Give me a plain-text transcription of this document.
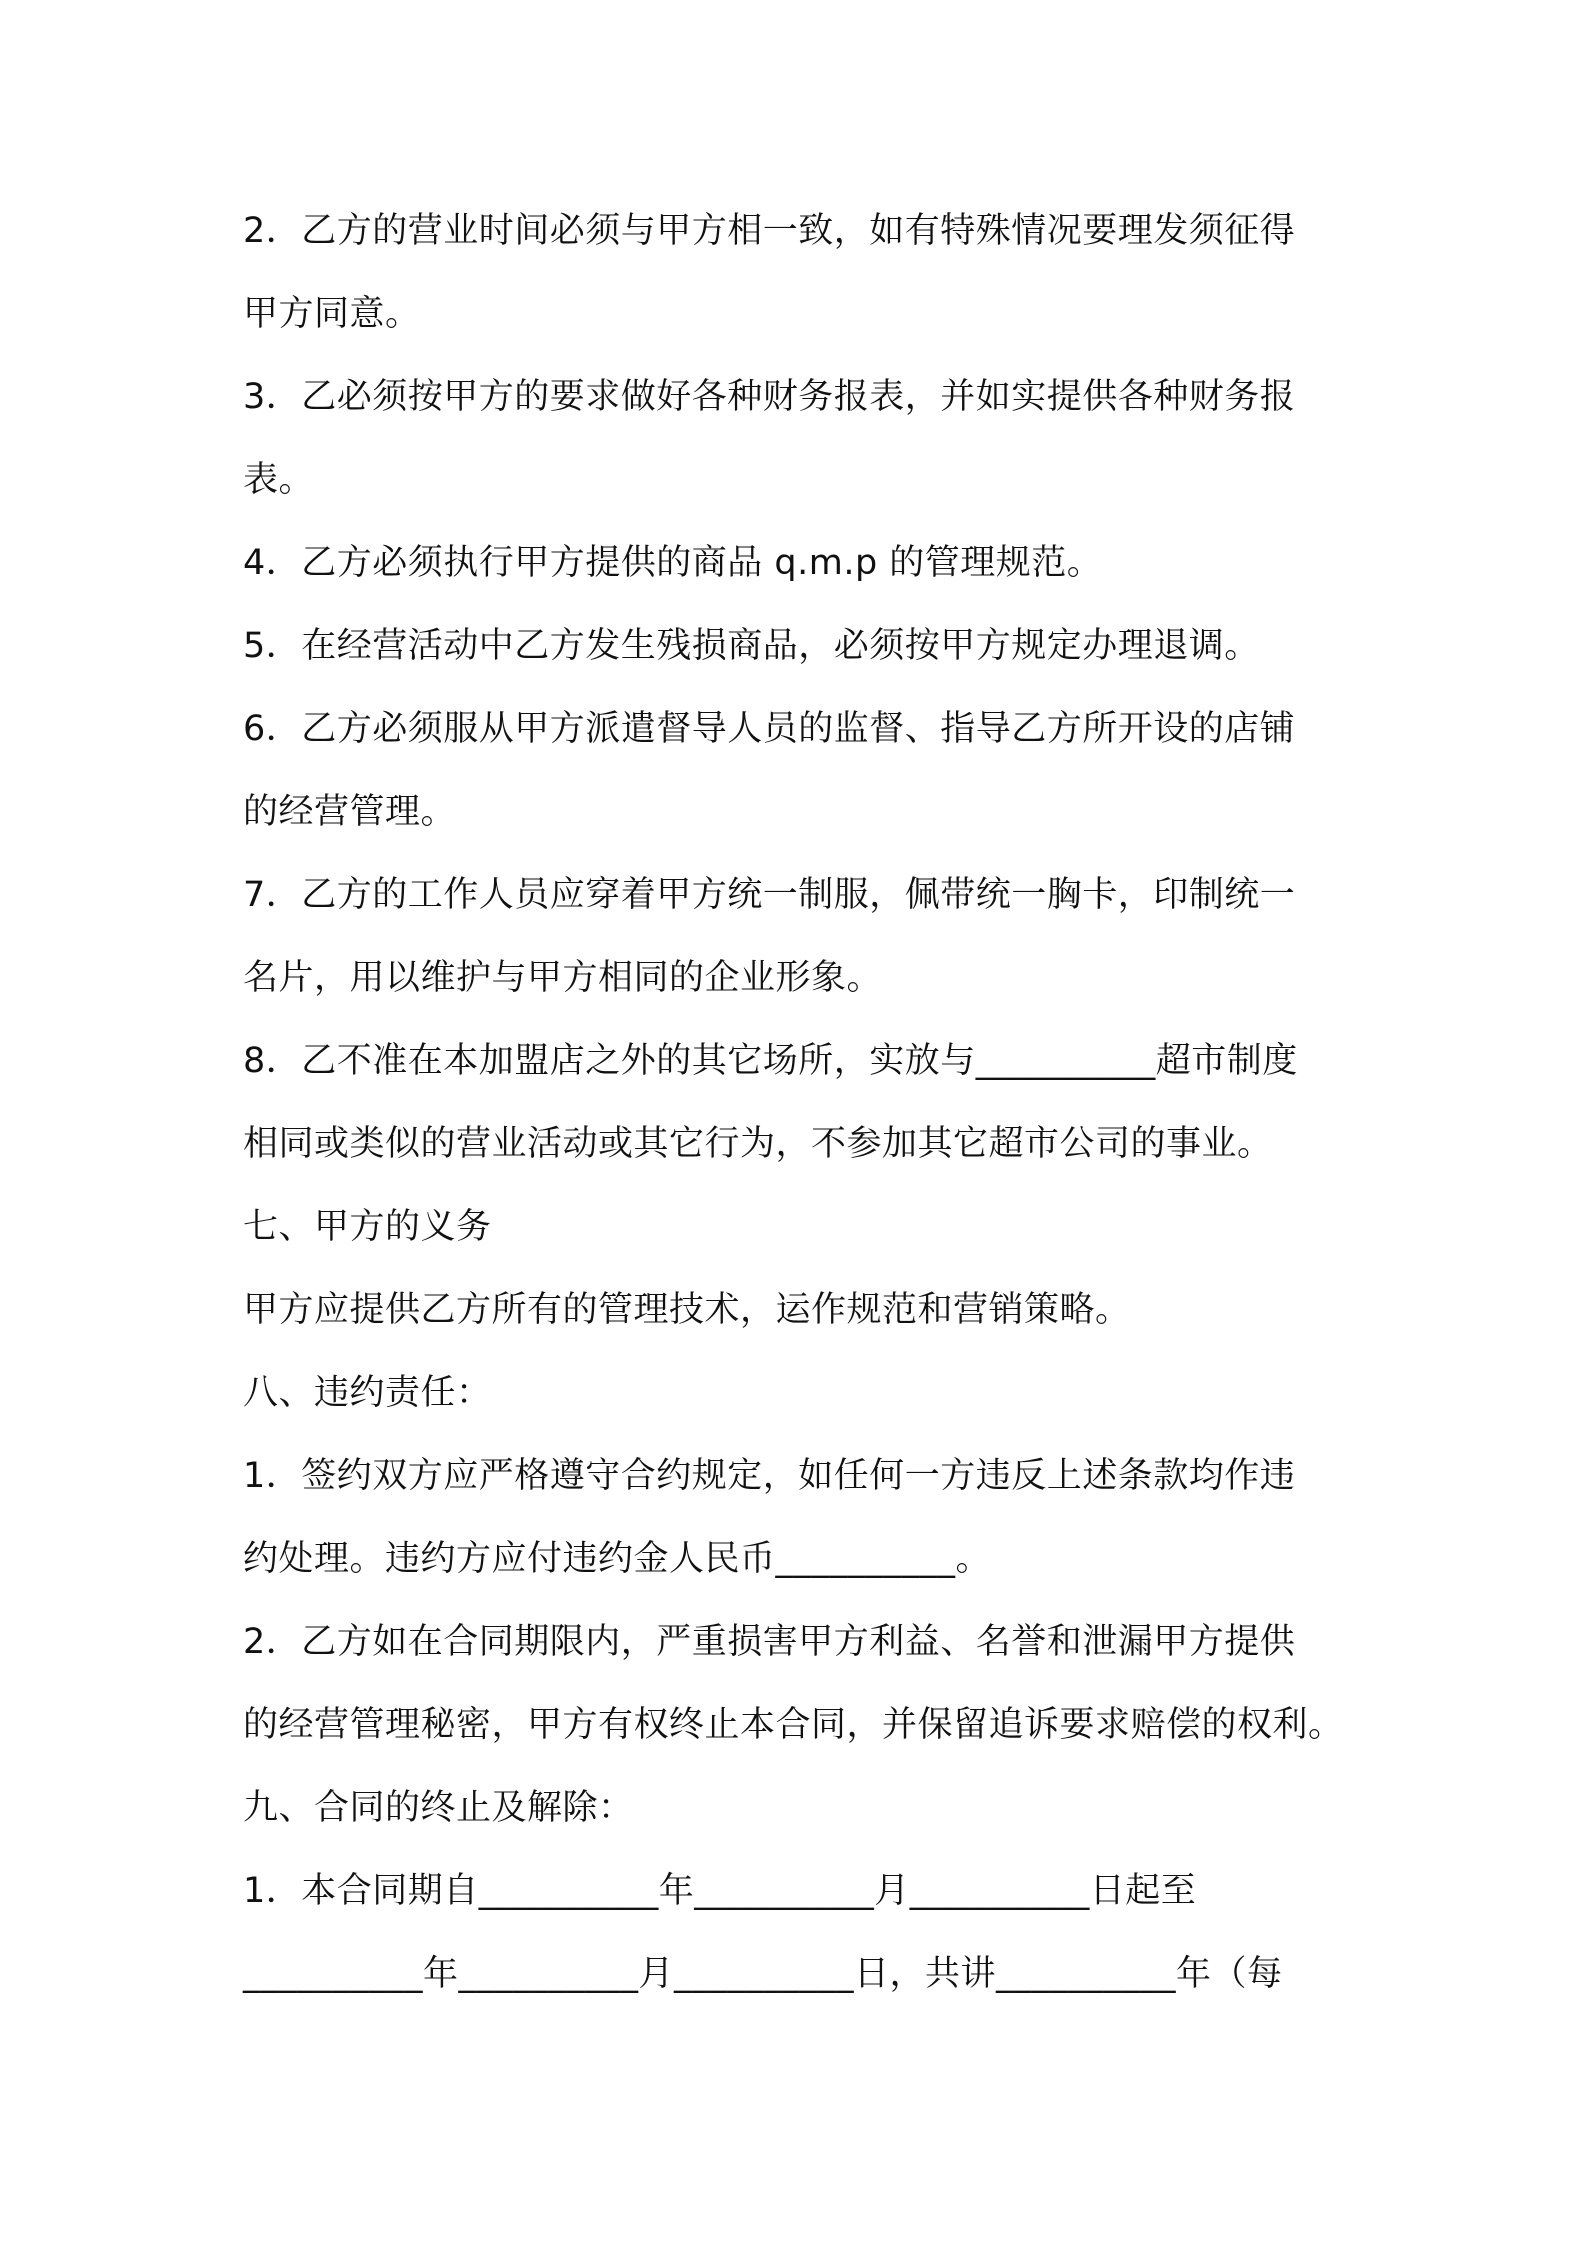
2．乙方的营业时间必须与甲方相一致，如有特殊情况要理发须征得
甲方同意。
3．乙必须按甲方的要求做好各种财务报表，并如实提供各种财务报
表。
4．乙方必须执行甲方提供的商品 q.m.p 的管理规范。
5．在经营活动中乙方发生残损商品，必须按甲方规定办理退调。
6．乙方必须服从甲方派遣督导人员的监督、指导乙方所开设的店铺
的经营管理。
7．乙方的工作人员应穿着甲方统一制服，佩带统一胸卡，印制统一
名片，用以维护与甲方相同的企业形象。
8．乙不准在本加盟店之外的其它场所，实放与__________超市制度
相同或类似的营业活动或其它行为，不参加其它超市公司的事业。
七、甲方的义务
甲方应提供乙方所有的管理技术，运作规范和营销策略。
八、违约责任：
1．签约双方应严格遵守合约规定，如任何一方违反上述条款均作违
约处理。违约方应付违约金人民币__________。
2．乙方如在合同期限内，严重损害甲方利益、名誉和泄漏甲方提供
的经营管理秘密，甲方有权终止本合同，并保留追诉要求赔偿的权利。
九、合同的终止及解除：
1．本合同期自__________年__________月__________日起至
__________年__________月__________日，共讲__________年（每
